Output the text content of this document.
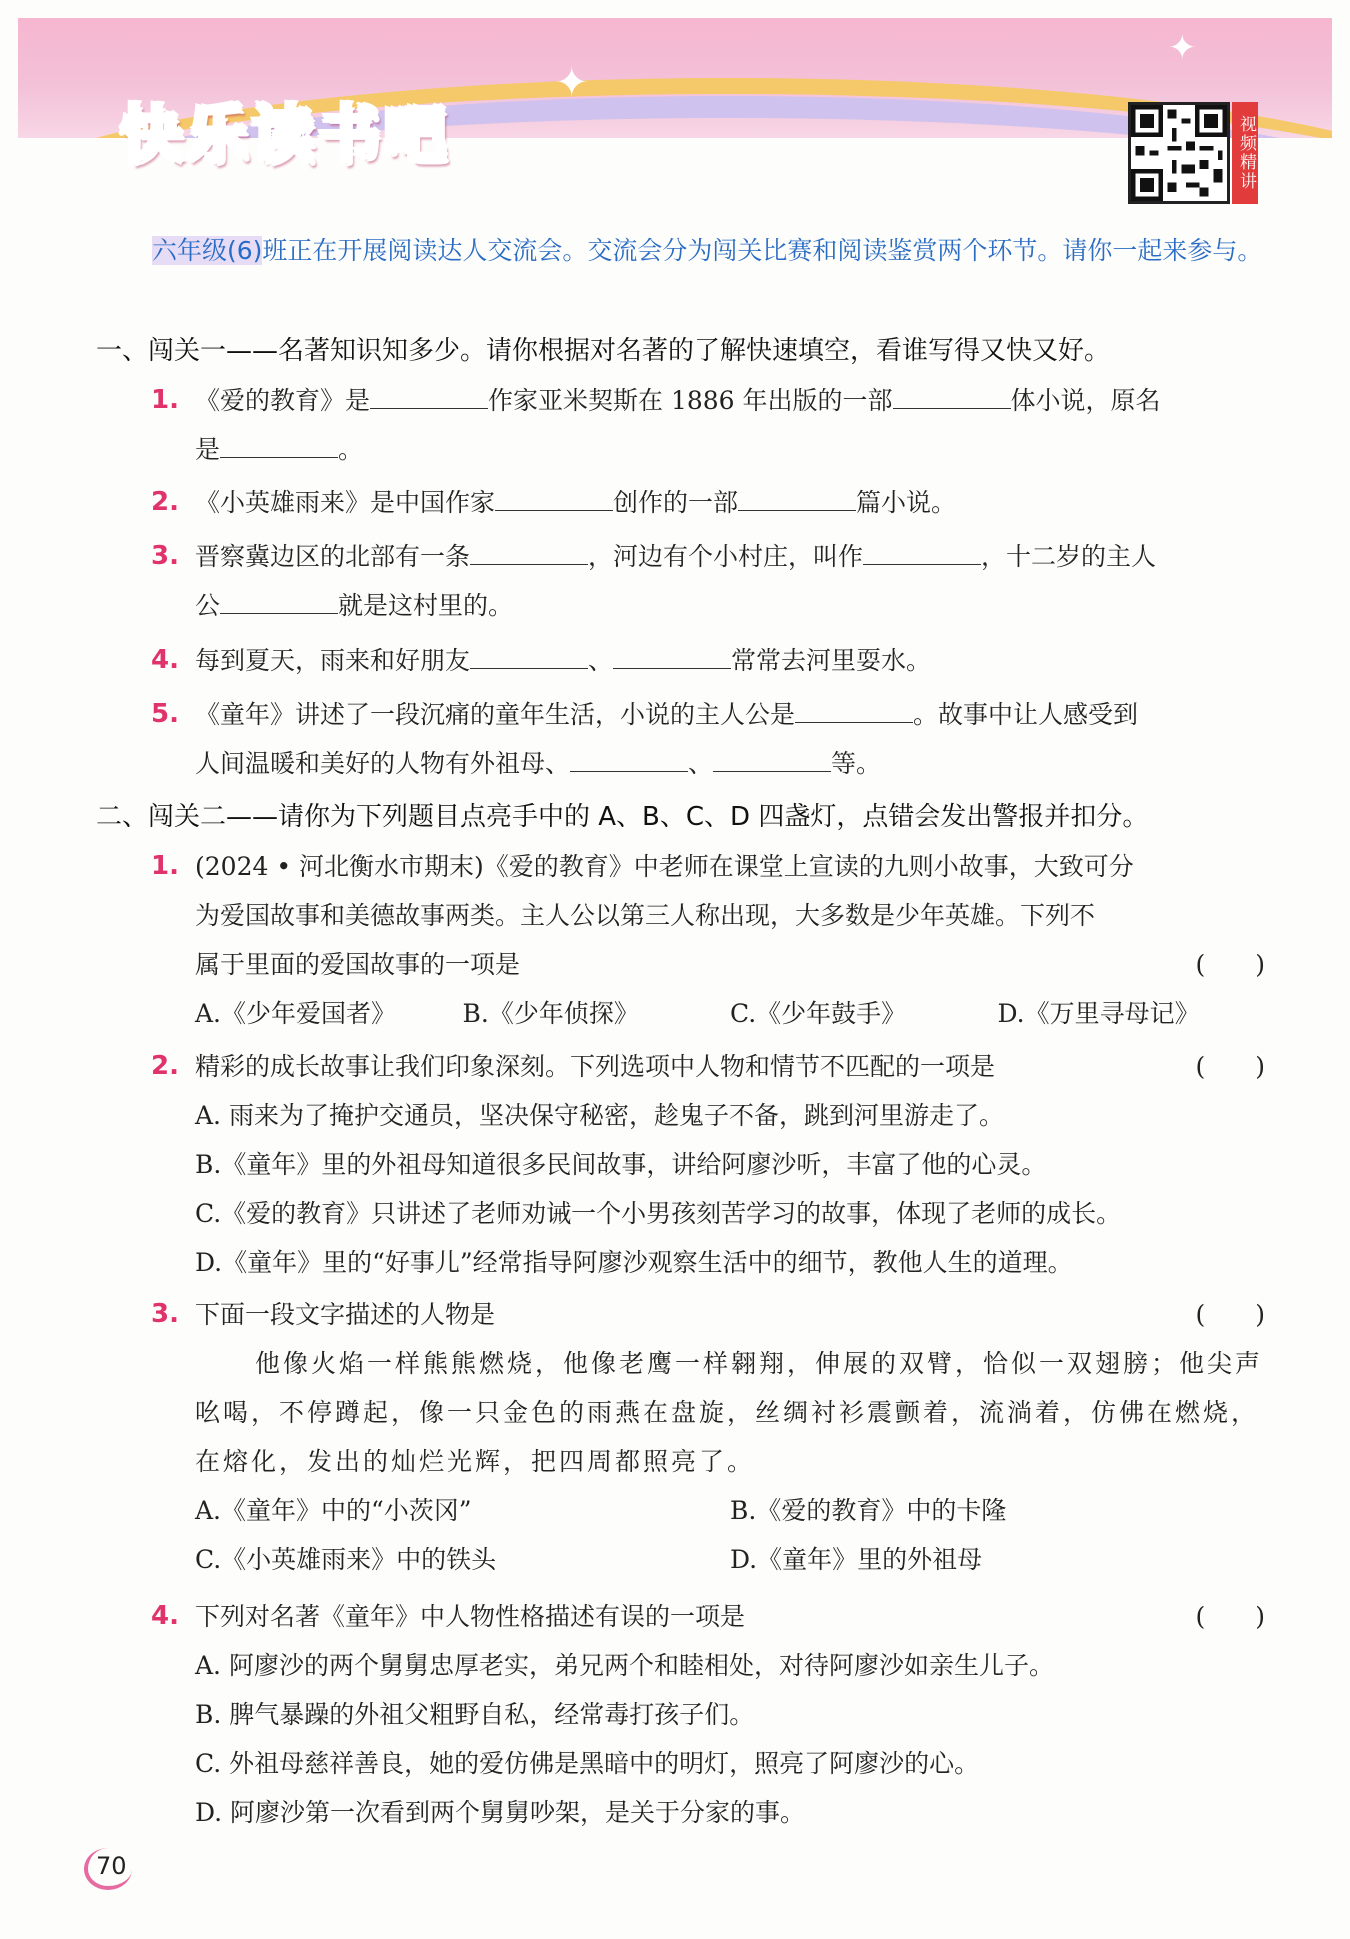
✦
✦
快乐读书吧	视频精讲
六年级(6)班正在开展阅读达人交流会。交流会分为闯关比赛和阅读鉴赏两个环节。请你一起来参与。
一、闯关一——名著知识知多少。请你根据对名著的了解快速填空，看谁写得又快又好。
1. 《爱的教育》是	作家亚米契斯在 1886 年出版的一部	体小说，原名
是	。
2. 《小英雄雨来》是中国作家	创作的一部	篇小说。
3. 晋察冀边区的北部有一条	，河边有个小村庄，叫作	，十二岁的主人
公	就是这村里的。
4. 每到夏天，雨来和好朋友	、	常常去河里耍水。
5. 《童年》讲述了一段沉痛的童年生活，小说的主人公是	。故事中让人感受到
人间温暖和美好的人物有外祖母、	、	等。
二、闯关二——请你为下列题目点亮手中的 A、B、C、D 四盏灯，点错会发出警报并扣分。
1. (2024 • 河北衡水市期末)《爱的教育》中老师在课堂上宣读的九则小故事，大致可分
为爱国故事和美德故事两类。主人公以第三人称出现，大多数是少年英雄。下列不
属于里面的爱国故事的一项是	(　　)
A.《少年爱国者》	B.《少年侦探》	C.《少年鼓手》	D.《万里寻母记》
2. 精彩的成长故事让我们印象深刻。下列选项中人物和情节不匹配的一项是	(　　)
A. 雨来为了掩护交通员，坚决保守秘密，趁鬼子不备，跳到河里游走了。
B.《童年》里的外祖母知道很多民间故事，讲给阿廖沙听，丰富了他的心灵。
C.《爱的教育》只讲述了老师劝诫一个小男孩刻苦学习的故事，体现了老师的成长。
D.《童年》里的“好事儿”经常指导阿廖沙观察生活中的细节，教他人生的道理。
3. 下面一段文字描述的人物是	(　　)
他像火焰一样熊熊燃烧，他像老鹰一样翱翔，伸展的双臂，恰似一双翅膀；他尖声吆喝，不停蹲起，像一只金色的雨燕在盘旋，丝绸衬衫震颤着，流淌着，仿佛在燃烧，在熔化，发出的灿烂光辉，把四周都照亮了。
A.《童年》中的“小茨冈”	B.《爱的教育》中的卡隆
C.《小英雄雨来》中的铁头	D.《童年》里的外祖母
4. 下列对名著《童年》中人物性格描述有误的一项是	(　　)
A. 阿廖沙的两个舅舅忠厚老实，弟兄两个和睦相处，对待阿廖沙如亲生儿子。
B. 脾气暴躁的外祖父粗野自私，经常毒打孩子们。
C. 外祖母慈祥善良，她的爱仿佛是黑暗中的明灯，照亮了阿廖沙的心。
D. 阿廖沙第一次看到两个舅舅吵架，是关于分家的事。
70
